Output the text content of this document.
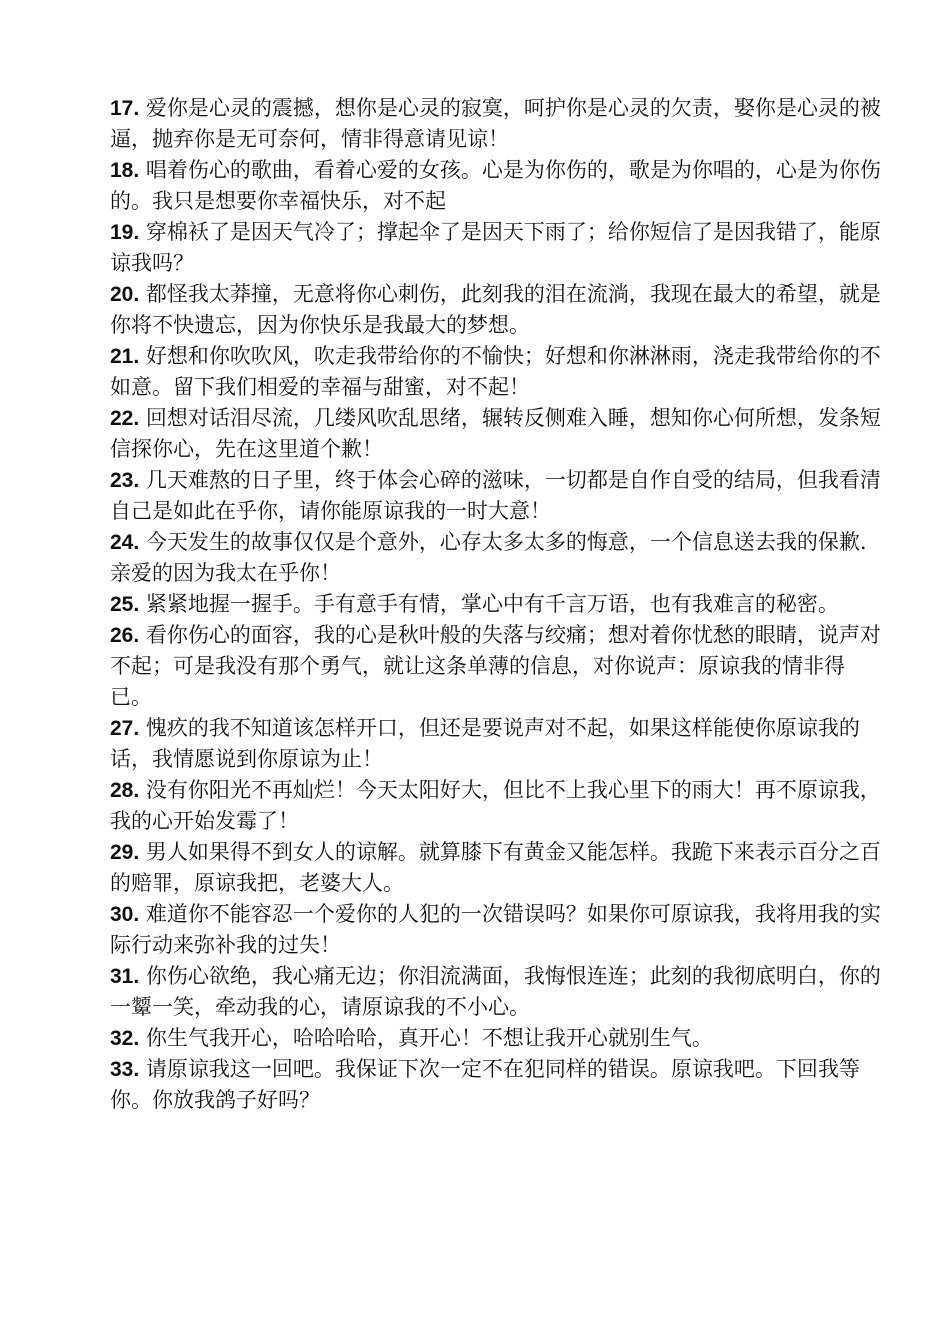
17. 爱你是心灵的震撼，想你是心灵的寂寞，呵护你是心灵的欠责，娶你是心灵的被逼，抛弃你是无可奈何，情非得意请见谅！

18. 唱着伤心的歌曲，看着心爱的女孩。心是为你伤的，歌是为你唱的，心是为你伤的。我只是想要你幸福快乐，对不起

19. 穿棉袄了是因天气冷了；撑起伞了是因天下雨了；给你短信了是因我错了，能原谅我吗？

20. 都怪我太莽撞，无意将你心刺伤，此刻我的泪在流淌，我现在最大的希望，就是你将不快遗忘，因为你快乐是我最大的梦想。

21. 好想和你吹吹风，吹走我带给你的不愉快；好想和你淋淋雨，浇走我带给你的不如意。留下我们相爱的幸福与甜蜜，对不起！

22. 回想对话泪尽流，几缕风吹乱思绪，辗转反侧难入睡，想知你心何所想，发条短信探你心，先在这里道个歉！

23. 几天难熬的日子里，终于体会心碎的滋味，一切都是自作自受的结局，但我看清自己是如此在乎你，请你能原谅我的一时大意！

24. 今天发生的故事仅仅是个意外，心存太多太多的悔意，一个信息送去我的保歉.亲爱的因为我太在乎你！

25. 紧紧地握一握手。手有意手有情，掌心中有千言万语，也有我难言的秘密。

26. 看你伤心的面容，我的心是秋叶般的失落与绞痛；想对着你忧愁的眼睛，说声对不起；可是我没有那个勇气，就让这条单薄的信息，对你说声：原谅我的情非得已。

27. 愧疚的我不知道该怎样开口，但还是要说声对不起，如果这样能使你原谅我的话，我情愿说到你原谅为止！

28. 没有你阳光不再灿烂！今天太阳好大，但比不上我心里下的雨大！再不原谅我，我的心开始发霉了！

29. 男人如果得不到女人的谅解。就算膝下有黄金又能怎样。我跪下来表示百分之百的赔罪，原谅我把，老婆大人。

30. 难道你不能容忍一个爱你的人犯的一次错误吗？如果你可原谅我，我将用我的实际行动来弥补我的过失！

31. 你伤心欲绝，我心痛无边；你泪流满面，我悔恨连连；此刻的我彻底明白，你的一颦一笑，牵动我的心，请原谅我的不小心。

32. 你生气我开心，哈哈哈哈，真开心！不想让我开心就别生气。

33. 请原谅我这一回吧。我保证下次一定不在犯同样的错误。原谅我吧。下回我等你。你放我鸽子好吗？
